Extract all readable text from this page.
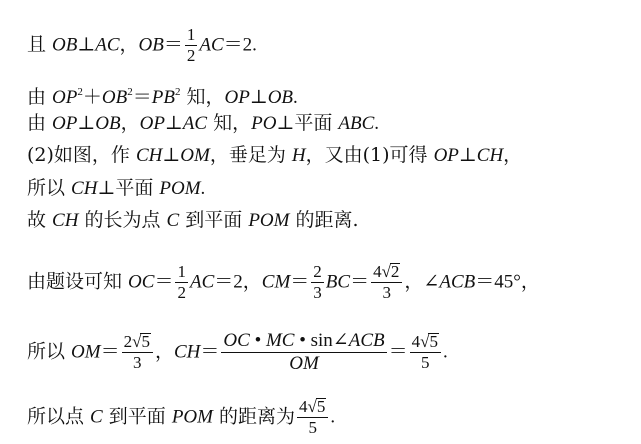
且 OB⊥AC，$OB= \frac{1}{2} AC=2$.
由 $OP^2+OB^2=PB^2$ 知，OP⊥OB.
由 OP⊥OB，OP⊥AC 知，PO⊥平面 ABC.
(2)如图，作 CH⊥OM，垂足为 H，又由(1)可得 OP⊥CH，
所以 CH⊥平面 POM.
故 CH 的长为点 C 到平面 POM 的距离.
由题设可知 $OC= \frac{1}{2} AC=2$，$CM= \frac{2}{3} BC= \frac{4√2}{3}$ ，∠ACB＝45°，
所以 $OM= \frac{2√5}{3}$ ，$CH= \frac{\text{OC • MC • sin∠ACB}}{OM} = \frac{4√5}{5}$ .
所以点 C 到平面 POM 的距离为 $\frac{4√5}{5}$ .
